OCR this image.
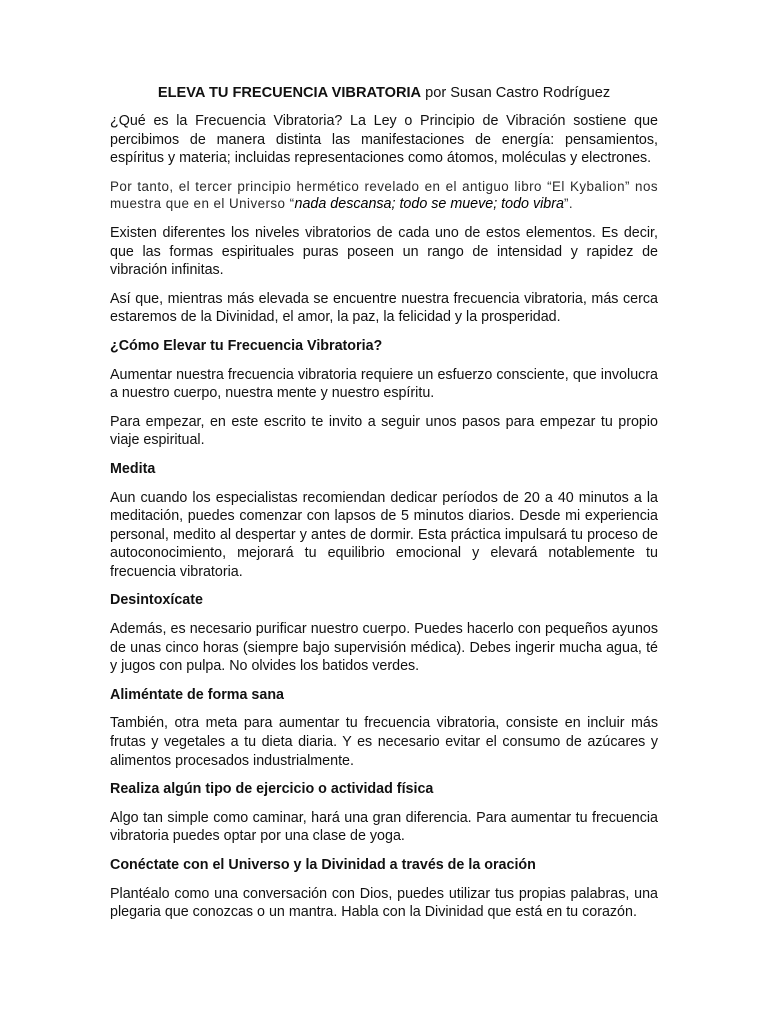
ELEVA TU FRECUENCIA VIBRATORIA por Susan Castro Rodríguez

¿Qué es la Frecuencia Vibratoria? La Ley o Principio de Vibración sostiene que percibimos de manera distinta las manifestaciones de energía: pensamientos, espíritus y materia; incluidas representaciones como átomos, moléculas y electrones.

Por tanto, el tercer principio hermético revelado en el antiguo libro “El Kybalion” nos muestra que en el Universo “nada descansa; todo se mueve; todo vibra”.

Existen diferentes los niveles vibratorios de cada uno de estos elementos. Es decir, que las formas espirituales puras poseen un rango de intensidad y rapidez de vibración infinitas.

Así que, mientras más elevada se encuentre nuestra frecuencia vibratoria, más cerca estaremos de la Divinidad, el amor, la paz, la felicidad y la prosperidad.

¿Cómo Elevar tu Frecuencia Vibratoria?

Aumentar nuestra frecuencia vibratoria requiere un esfuerzo consciente, que involucra a nuestro cuerpo, nuestra mente y nuestro espíritu.

Para empezar, en este escrito te invito a seguir unos pasos para empezar tu propio viaje espiritual.

Medita

Aun cuando los especialistas recomiendan dedicar períodos de 20 a 40 minutos a la meditación, puedes comenzar con lapsos de 5 minutos diarios. Desde mi experiencia personal, medito al despertar y antes de dormir. Esta práctica impulsará tu proceso de autoconocimiento, mejorará tu equilibrio emocional y elevará notablemente tu frecuencia vibratoria.

Desintoxícate

Además, es necesario purificar nuestro cuerpo. Puedes hacerlo con pequeños ayunos de unas cinco horas (siempre bajo supervisión médica). Debes ingerir mucha agua, té y jugos con pulpa. No olvides los batidos verdes.

Aliméntate de forma sana

También, otra meta para aumentar tu frecuencia vibratoria, consiste en incluir más frutas y vegetales a tu dieta diaria. Y es necesario evitar el consumo de azúcares y alimentos procesados industrialmente.

Realiza algún tipo de ejercicio o actividad física

Algo tan simple como caminar, hará una gran diferencia. Para aumentar tu frecuencia vibratoria puedes optar por una clase de yoga.

Conéctate con el Universo y la Divinidad a través de la oración

Plantéalo como una conversación con Dios, puedes utilizar tus propias palabras, una plegaria que conozcas o un mantra. Habla con la Divinidad que está en tu corazón.
